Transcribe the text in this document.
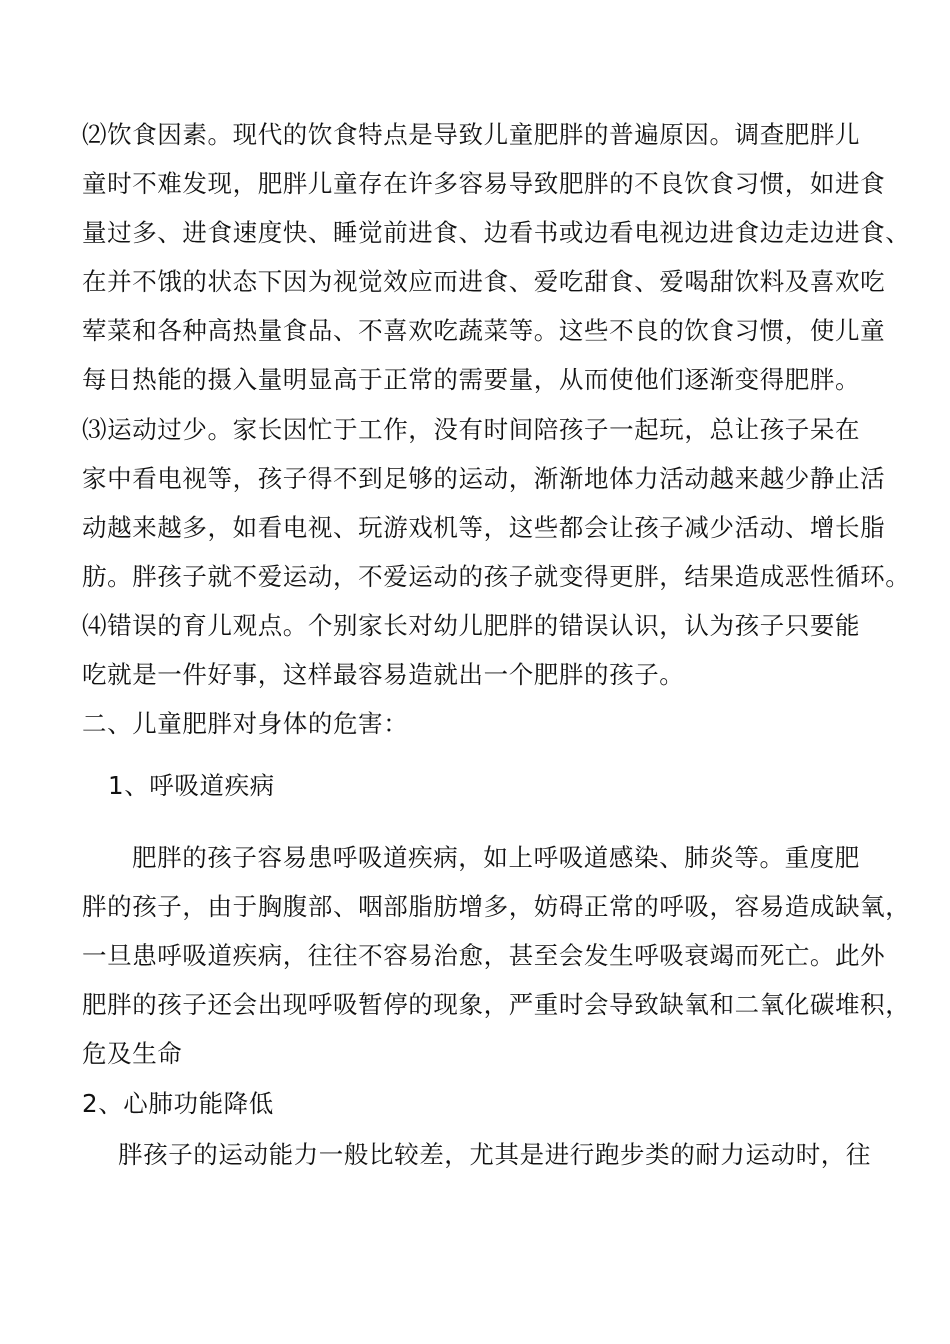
⑵饮食因素。现代的饮食特点是导致儿童肥胖的普遍原因。调查肥胖儿
童时不难发现，肥胖儿童存在许多容易导致肥胖的不良饮食习惯，如进食
量过多、进食速度快、睡觉前进食、边看书或边看电视边进食边走边进食、
在并不饿的状态下因为视觉效应而进食、爱吃甜食、爱喝甜饮料及喜欢吃
荤菜和各种高热量食品、不喜欢吃蔬菜等。这些不良的饮食习惯，使儿童
每日热能的摄入量明显高于正常的需要量，从而使他们逐渐变得肥胖。
⑶运动过少。家长因忙于工作，没有时间陪孩子一起玩，总让孩子呆在
家中看电视等，孩子得不到足够的运动，渐渐地体力活动越来越少静止活
动越来越多，如看电视、玩游戏机等，这些都会让孩子减少活动、增长脂
肪。胖孩子就不爱运动，不爱运动的孩子就变得更胖，结果造成恶性循环。
⑷错误的育儿观点。个别家长对幼儿肥胖的错误认识，认为孩子只要能
吃就是一件好事，这样最容易造就出一个肥胖的孩子。
二、儿童肥胖对身体的危害：
1、呼吸道疾病
肥胖的孩子容易患呼吸道疾病，如上呼吸道感染、肺炎等。重度肥
胖的孩子，由于胸腹部、咽部脂肪增多，妨碍正常的呼吸，容易造成缺氧，
一旦患呼吸道疾病，往往不容易治愈，甚至会发生呼吸衰竭而死亡。此外
肥胖的孩子还会出现呼吸暂停的现象，严重时会导致缺氧和二氧化碳堆积，
危及生命
2、心肺功能降低
胖孩子的运动能力一般比较差，尤其是进行跑步类的耐力运动时，往
